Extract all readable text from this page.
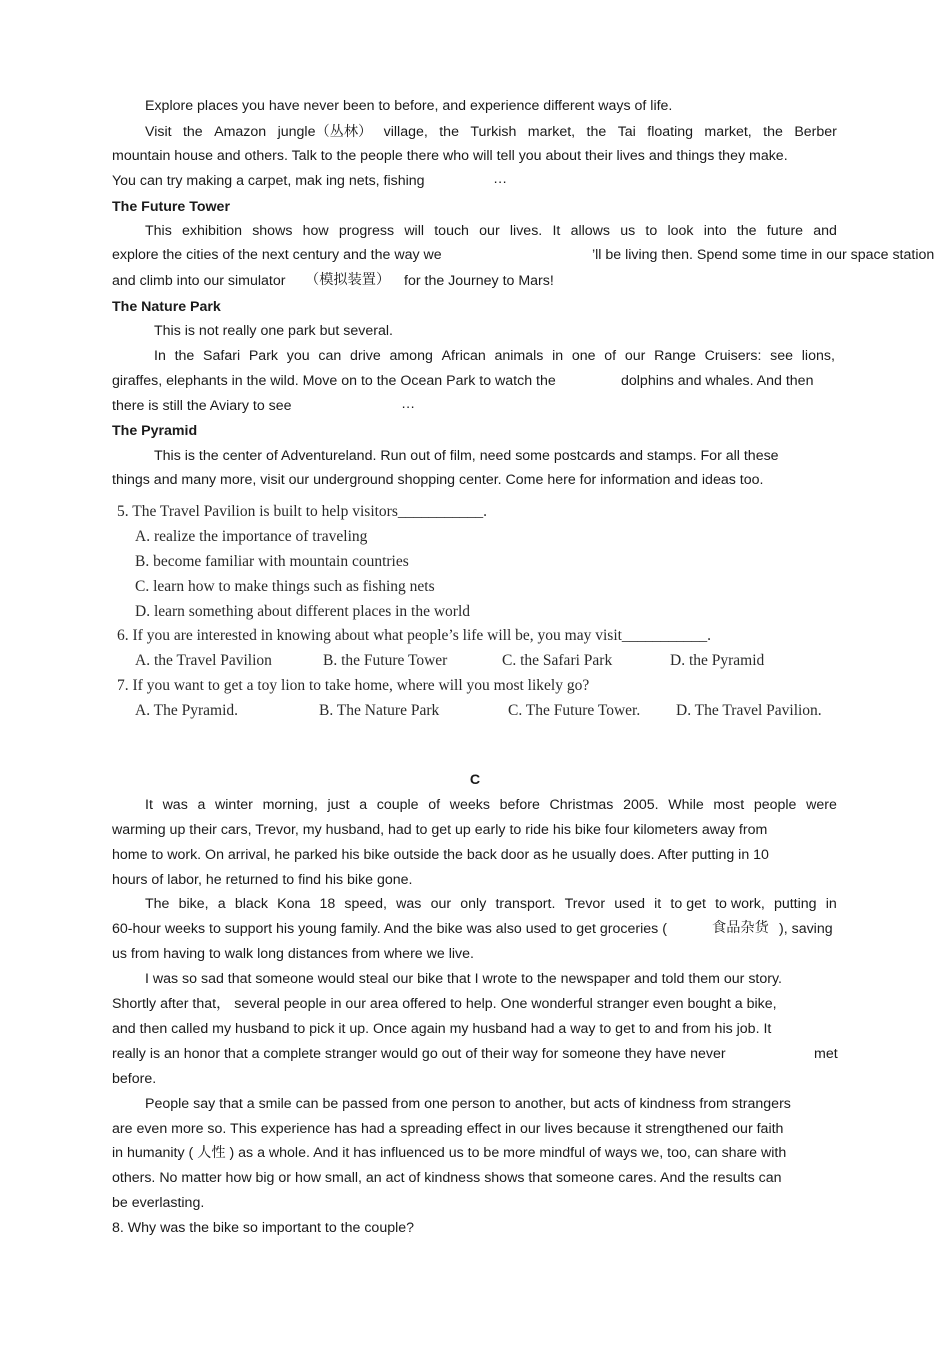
Explore places you have never been to before, and experience different ways of life.
Visit the Amazon jungle（丛林） village, the Turkish market, the Tai floating market, the Berber
mountain house and others. Talk to the people there who will tell you about their lives and things they make.
You can try making a carpet, mak ing nets, fishing	…
The Future Tower
This exhibition shows how progress will touch our lives. It allows us to look into the future and
explore the cities of the next century and the way we	’ll be living then. Spend some time in our space station
and climb into our simulator （模拟装置） for the Journey to Mars!
The Nature Park
This is not really one park but several.
In the Safari Park you can drive among African animals in one of our Range Cruisers: see lions,
giraffes, elephants in the wild. Move on to the Ocean Park to watch the	dolphins and whales. And then
there is still the Aviary to see	…
The Pyramid
This is the center of Adventureland. Run out of film, need some postcards and stamps. For all these
things and many more, visit our underground shopping center. Come here for information and ideas too.
5. The Travel Pavilion is built to help visitors___________.
A. realize the importance of traveling
B. become familiar with mountain countries
C. learn how to make things such as fishing nets
D. learn something about different places in the world
6. If you are interested in knowing about what people’s life will be, you may visit___________.
A. the Travel Pavilion	B. the Future Tower	C. the Safari Park	D. the Pyramid
7. If you want to get a toy lion to take home, where will you most likely go?
A. The Pyramid.	B. The Nature Park	C. The Future Tower. D. The Travel Pavilion.
C
It was a winter morning, just a couple of weeks before Christmas 2005. While most people were
warming up their cars, Trevor, my husband, had to get up early to ride his bike four kilometers away from
home to work. On arrival, he parked his bike outside the back door as he usually does. After putting in 10
hours of labor, he returned to find his bike gone.
The bike, a black Kona 18 speed, was our only transport. Trevor used it to get to work, putting in
60-hour weeks to support his young family. And the bike was also used to get groceries (	食品杂货 ), saving
us from having to walk long distances from where we live.
I was so sad that someone would steal our bike that I wrote to the newspaper and told them our story.
Shortly after that， several people in our area offered to help. One wonderful stranger even bought a bike,
and then called my husband to pick it up. Once again my husband had a way to get to and from his job. It
really is an honor that a complete stranger would go out of their way for someone they have never	met
before.
People say that a smile can be passed from one person to another, but acts of kindness from strangers
are even more so. This experience has had a spreading effect in our lives because it strengthened our faith
in humanity ( 人性 ) as a whole. And it has influenced us to be more mindful of ways we, too, can share with
others. No matter how big or how small, an act of kindness shows that someone cares. And the results can
be everlasting.
8. Why was the bike so important to the couple?
